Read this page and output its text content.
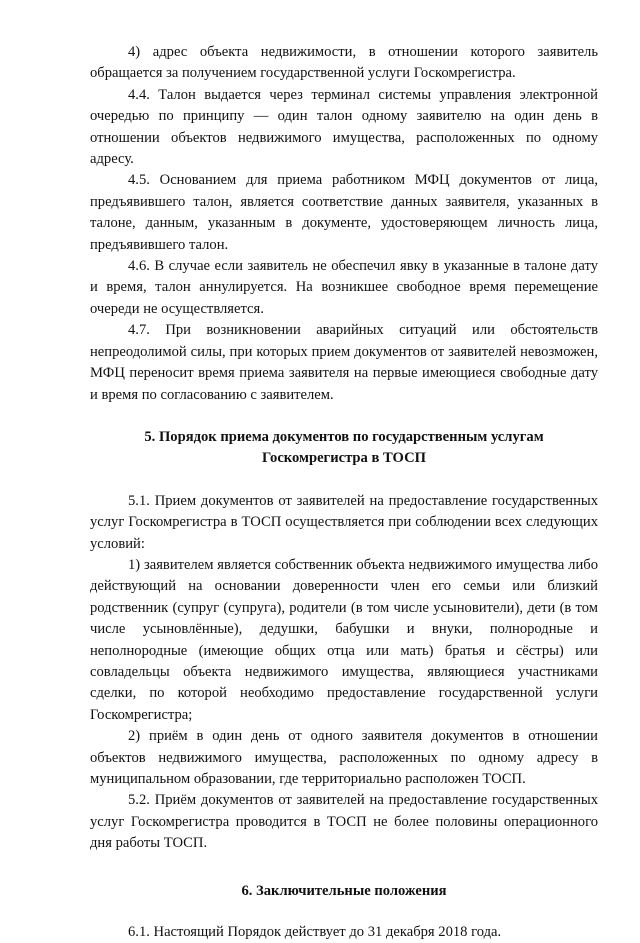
4) адрес объекта недвижимости, в отношении которого заявитель обращается за получением государственной услуги Госкомрегистра.

4.4. Талон выдается через терминал системы управления электронной очередью по принципу — один талон одному заявителю на один день в отношении объектов недвижимого имущества, расположенных по одному адресу.

4.5. Основанием для приема работником МФЦ документов от лица, предъявившего талон, является соответствие данных заявителя, указанных в талоне, данным, указанным в документе, удостоверяющем личность лица, предъявившего талон.

4.6. В случае если заявитель не обеспечил явку в указанные в талоне дату и время, талон аннулируется. На возникшее свободное время перемещение очереди не осуществляется.

4.7. При возникновении аварийных ситуаций или обстоятельств непреодолимой силы, при которых прием документов от заявителей невозможен, МФЦ переносит время приема заявителя на первые имеющиеся свободные дату и время по согласованию с заявителем.

5. Порядок приема документов по государственным услугам
Госкомрегистра в ТОСП

5.1. Прием документов от заявителей на предоставление государственных услуг Госкомрегистра в ТОСП осуществляется при соблюдении всех следующих условий:

1) заявителем является собственник объекта недвижимого имущества либо действующий на основании доверенности член его семьи или близкий родственник (супруг (супруга), родители (в том числе усыновители), дети (в том числе усыновлённые), дедушки, бабушки и внуки, полнородные и неполнородные (имеющие общих отца или мать) братья и сёстры) или совладельцы объекта недвижимого имущества, являющиеся участниками сделки, по которой необходимо предоставление государственной услуги Госкомрегистра;

2) приём в один день от одного заявителя документов в отношении объектов недвижимого имущества, расположенных по одному адресу в муниципальном образовании, где территориально расположен ТОСП.

5.2. Приём документов от заявителей на предоставление государственных услуг Госкомрегистра проводится в ТОСП не более половины операционного дня работы ТОСП.

6. Заключительные положения

6.1. Настоящий Порядок действует до 31 декабря 2018 года.
